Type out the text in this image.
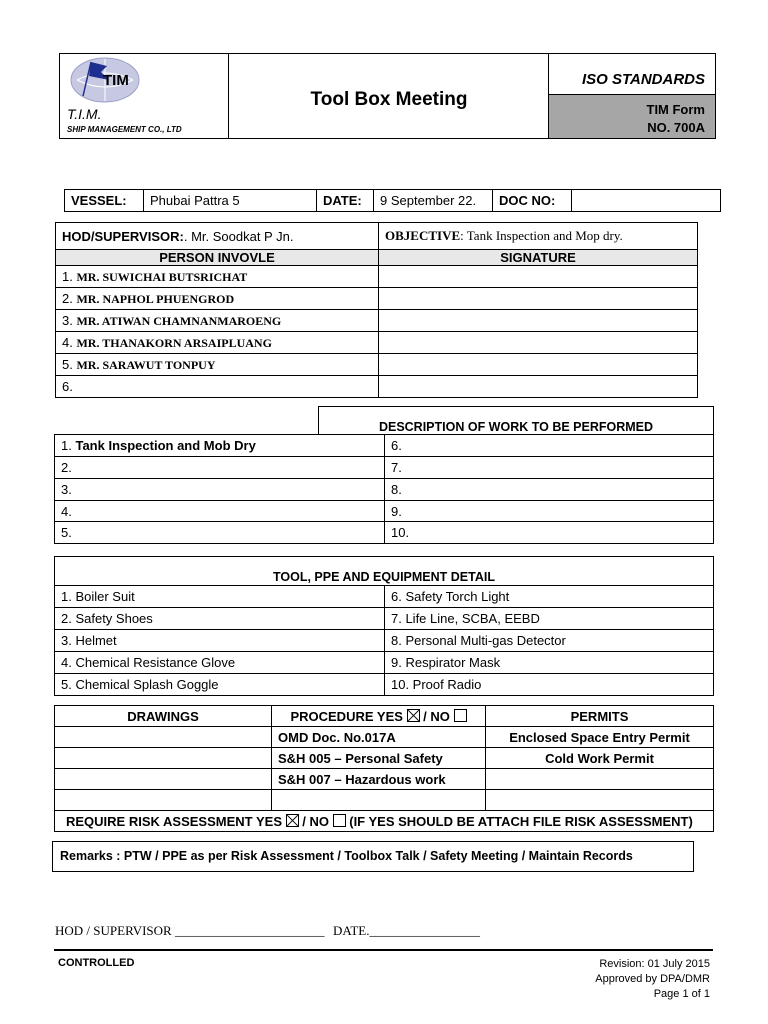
TIM
T.I.M.
SHIP MANAGEMENT CO., LTD
Tool Box Meeting
ISO STANDARDS
TIM Form
NO. 700A
VESSEL:	Phubai Pattra 5	DATE:	9 September 22.	DOC NO:	
HOD/SUPERVISOR:. Mr. Soodkat P Jn.	OBJECTIVE: Tank Inspection and Mop dry.
PERSON INVOVLE	SIGNATURE
1. MR. SUWICHAI BUTSRICHAT	
2. MR. NAPHOL PHUENGROD	
3. MR. ATIWAN CHAMNANMAROENG	
4. MR. THANAKORN ARSAIPLUANG	
5. MR. SARAWUT TONPUY	
6.	
DESCRIPTION OF WORK TO BE PERFORMED
1. Tank Inspection and Mob Dry	6.
2.	7.
3.	8.
4.	9.
5.	10.
TOOL, PPE AND EQUIPMENT DETAIL	
1. Boiler Suit	6. Safety Torch Light
2. Safety Shoes	7. Life Line, SCBA, EEBD
3. Helmet	8. Personal Multi-gas Detector
4. Chemical Resistance Glove	9. Respirator Mask
5. Chemical Splash Goggle	10. Proof Radio
DRAWINGS	PROCEDURE YES / NO	PERMITS
	OMD Doc. No.017A	Enclosed Space Entry Permit
	S&H 005 – Personal Safety	Cold Work Permit
	S&H 007 – Hazardous work	

REQUIRE RISK ASSESSMENT YES / NO (IF YES SHOULD BE ATTACH FILE RISK ASSESSMENT)		
Remarks : PTW / PPE as per Risk Assessment / Toolbox Talk / Safety Meeting / Maintain Records
HOD / SUPERVISOR _______________________ DATE._________________
CONTROLLED	Revision: 01 July 2015
Approved by DPA/DMR
Page 1 of 1
